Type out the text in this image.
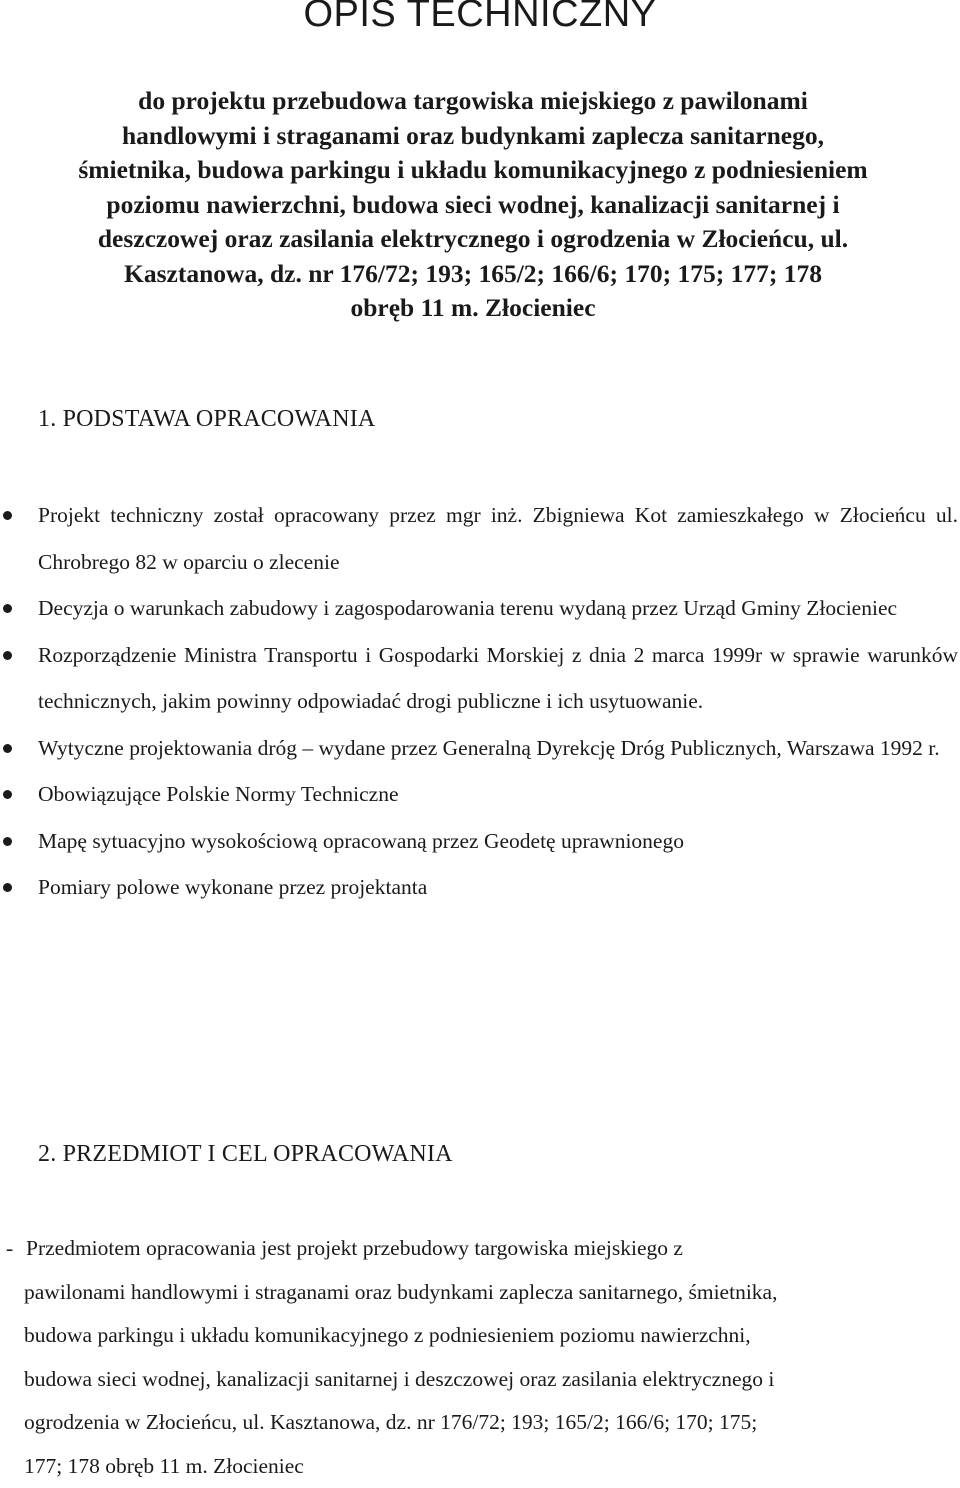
OPIS TECHNICZNY
do projektu przebudowa targowiska miejskiego z pawilonami
handlowymi i straganami oraz budynkami zaplecza sanitarnego,
śmietnika, budowa parkingu i układu komunikacyjnego z podniesieniem
poziomu nawierzchni, budowa sieci wodnej, kanalizacji sanitarnej i
deszczowej oraz zasilania elektrycznego i ogrodzenia w Złocieńcu, ul.
Kasztanowa, dz. nr 176/72; 193; 165/2; 166/6; 170; 175; 177; 178
obręb 11 m. Złocieniec
1. PODSTAWA OPRACOWANIA
Projekt techniczny został opracowany przez mgr inż. Zbigniewa Kot zamieszkałego w Złocieńcu ul. Chrobrego 82 w oparciu o zlecenie
Decyzja o warunkach zabudowy i zagospodarowania terenu wydaną przez Urząd Gminy Złocieniec
Rozporządzenie Ministra Transportu i Gospodarki Morskiej z dnia 2 marca 1999r w sprawie warunków technicznych, jakim powinny odpowiadać drogi publiczne i ich usytuowanie.
Wytyczne projektowania dróg – wydane przez Generalną Dyrekcję Dróg Publicznych, Warszawa 1992 r.
Obowiązujące Polskie Normy Techniczne
Mapę sytuacyjno wysokościową opracowaną przez Geodetę uprawnionego
Pomiary polowe wykonane przez projektanta
2. PRZEDMIOT I CEL OPRACOWANIA
- Przedmiotem opracowania jest projekt przebudowy targowiska miejskiego z
pawilonami handlowymi i straganami oraz budynkami zaplecza sanitarnego, śmietnika,
budowa parkingu i układu komunikacyjnego z podniesieniem poziomu nawierzchni,
budowa sieci wodnej, kanalizacji sanitarnej i deszczowej oraz zasilania elektrycznego i
ogrodzenia w Złocieńcu, ul. Kasztanowa, dz. nr 176/72; 193; 165/2; 166/6; 170; 175;
177; 178 obręb 11 m. Złocieniec
